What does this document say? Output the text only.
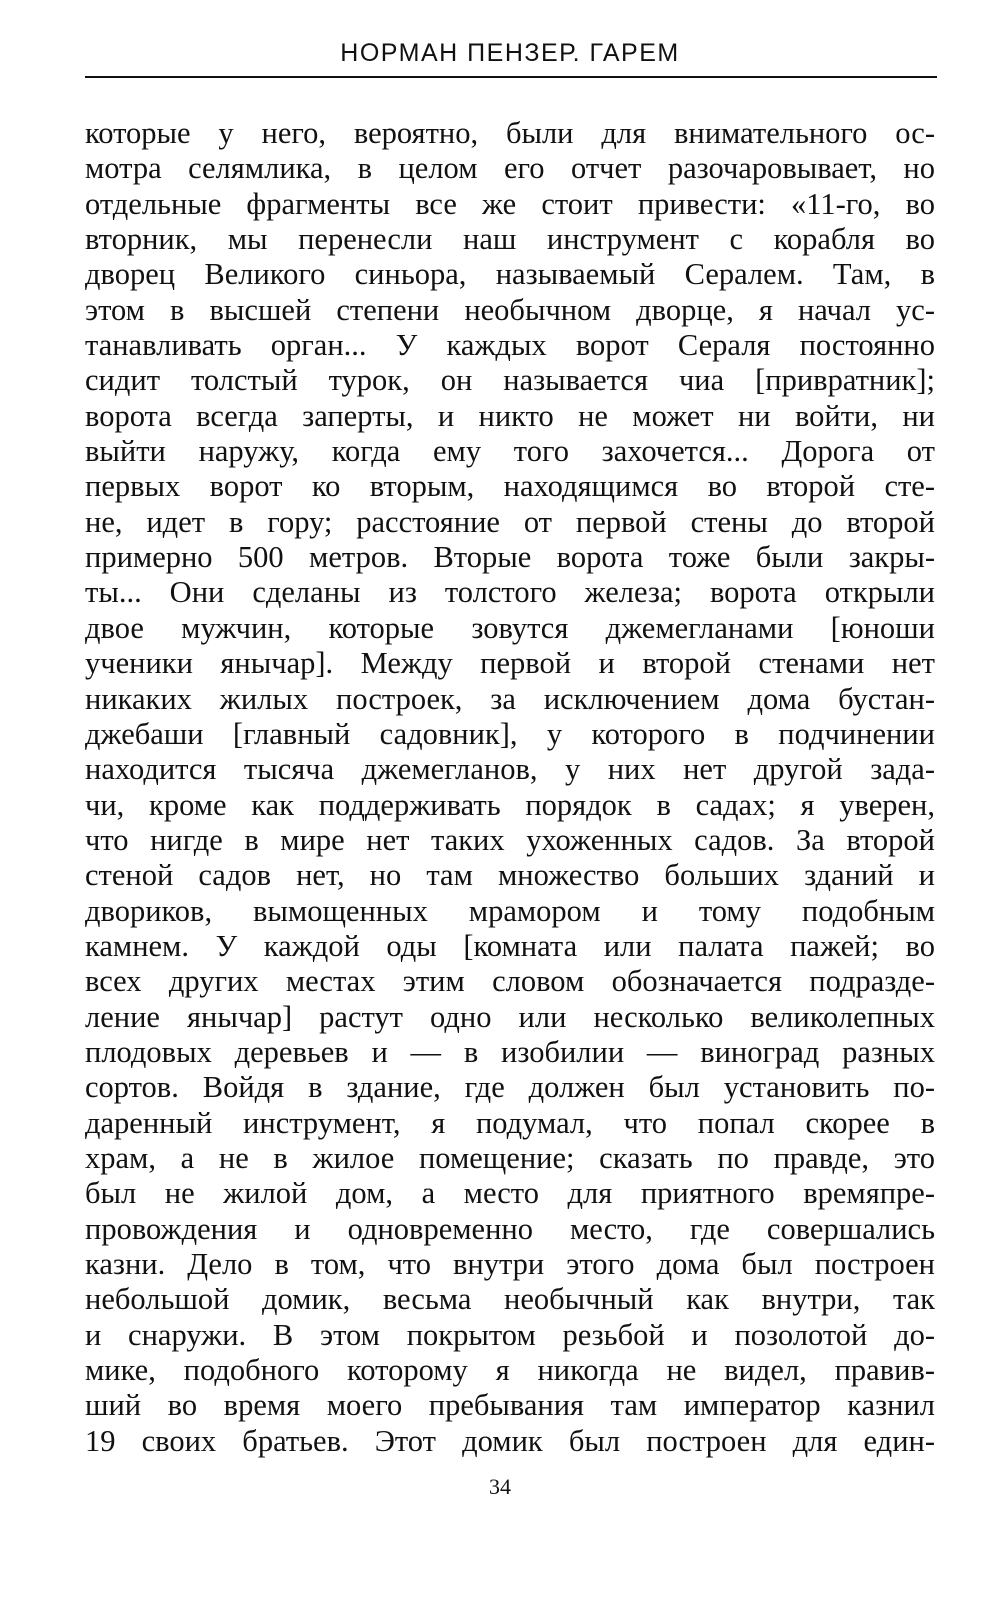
НОРМАН ПЕНЗЕР. ГАРЕМ
которые у него, вероятно, были для внимательного ос-
мотра селямлика, в целом его отчет разочаровывает, но
отдельные фрагменты все же стоит привести: «11-го, во
вторник, мы перенесли наш инструмент с корабля во
дворец Великого синьора, называемый Сералем. Там, в
этом в высшей степени необычном дворце, я начал ус-
танавливать орган... У каждых ворот Сераля постоянно
сидит толстый турок, он называется чиа [привратник];
ворота всегда заперты, и никто не может ни войти, ни
выйти наружу, когда ему того захочется... Дорога от
первых ворот ко вторым, находящимся во второй сте-
не, идет в гору; расстояние от первой стены до второй
примерно 500 метров. Вторые ворота тоже были закры-
ты... Они сделаны из толстого железа; ворота открыли
двое мужчин, которые зовутся джемегланами [юноши
ученики янычар]. Между первой и второй стенами нет
никаких жилых построек, за исключением дома бустан-
джебаши [главный садовник], у которого в подчинении
находится тысяча джемегланов, у них нет другой зада-
чи, кроме как поддерживать порядок в садах; я уверен,
что нигде в мире нет таких ухоженных садов. За второй
стеной садов нет, но там множество больших зданий и
двориков, вымощенных мрамором и тому подобным
камнем. У каждой оды [комната или палата пажей; во
всех других местах этим словом обозначается подразде-
ление янычар] растут одно или несколько великолепных
плодовых деревьев и — в изобилии — виноград разных
сортов. Войдя в здание, где должен был установить по-
даренный инструмент, я подумал, что попал скорее в
храм, а не в жилое помещение; сказать по правде, это
был не жилой дом, а место для приятного времяпре-
провождения и одновременно место, где совершались
казни. Дело в том, что внутри этого дома был построен
небольшой домик, весьма необычный как внутри, так
и снаружи. В этом покрытом резьбой и позолотой до-
мике, подобного которому я никогда не видел, правив-
ший во время моего пребывания там император казнил
19 своих братьев. Этот домик был построен для един-
34
